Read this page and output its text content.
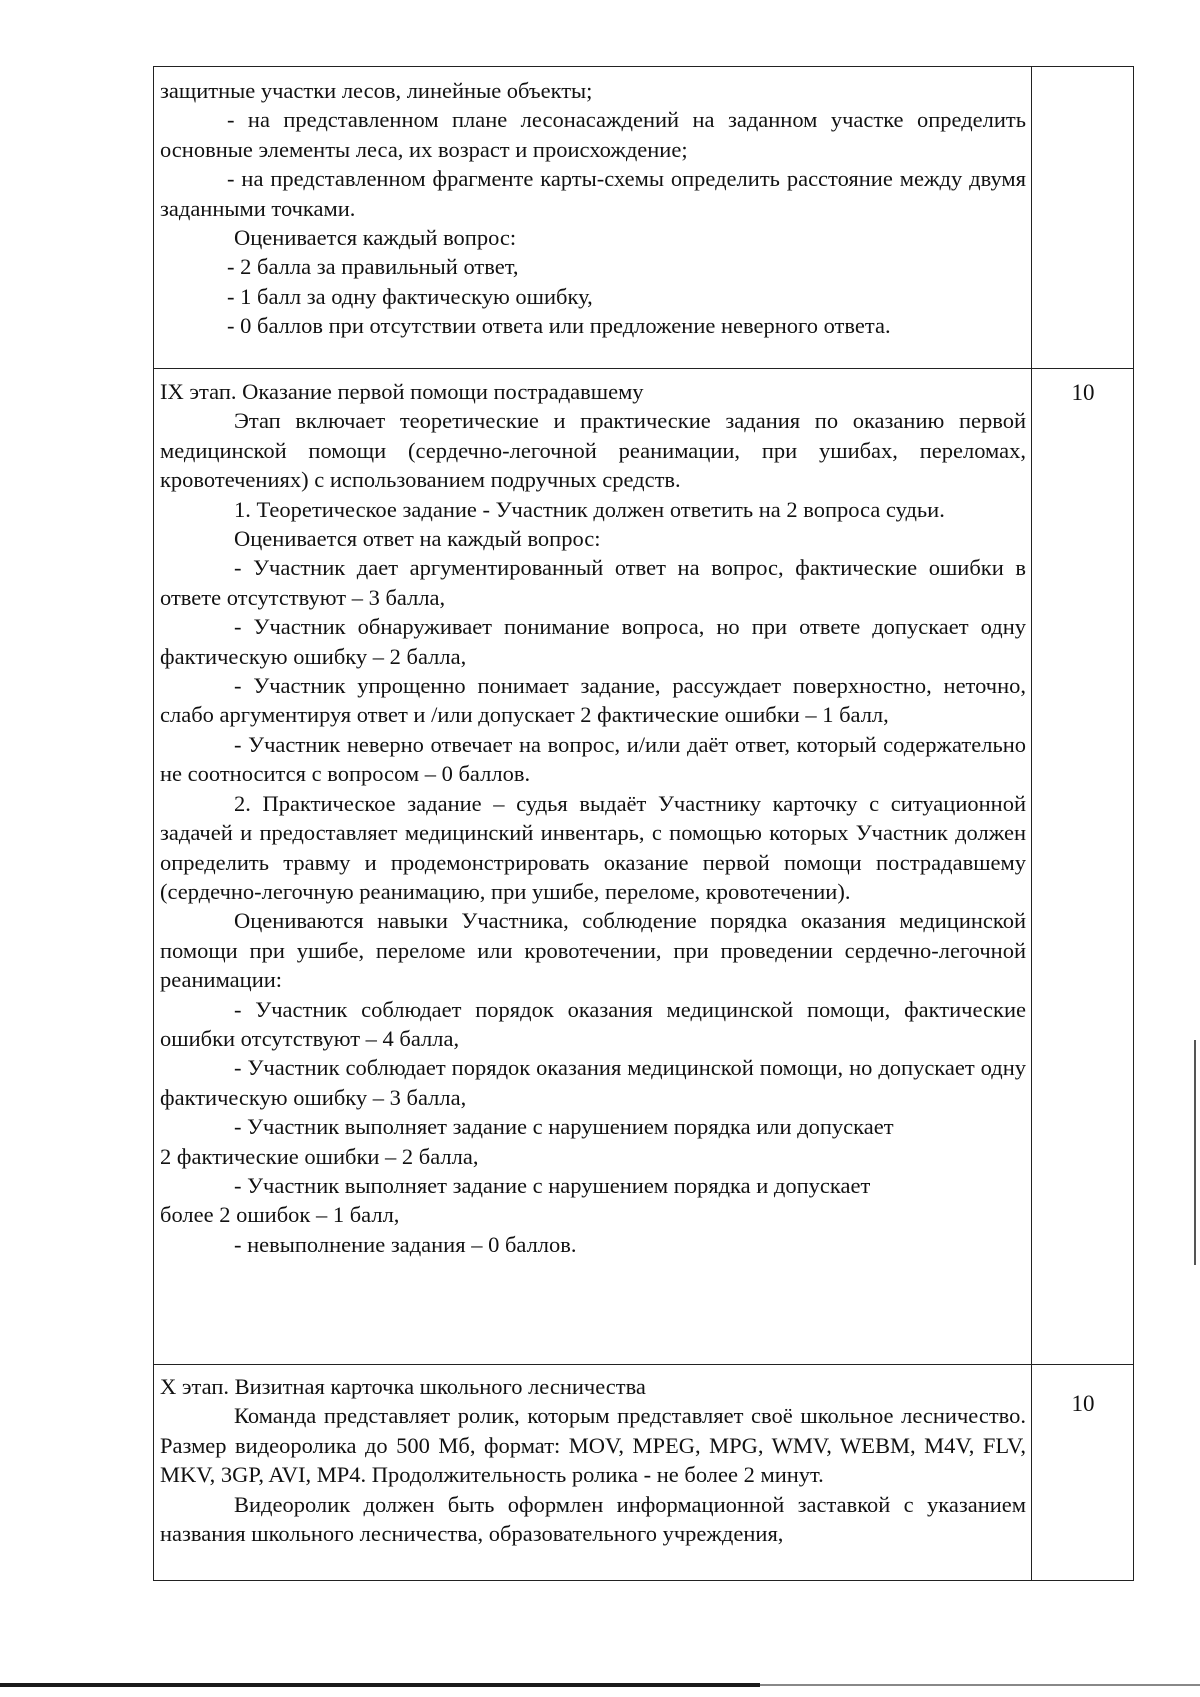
защитные участки лесов, линейные объекты;

- на представленном плане лесонасаждений на заданном участке определить основные элементы леса, их возраст и происхождение;

- на представленном фрагменте карты-схемы определить расстояние между двумя заданными точками.

Оценивается каждый вопрос:

- 2 балла за правильный ответ,

- 1 балл за одну фактическую ошибку,

- 0 баллов при отсутствии ответа или предложение неверного ответа.

IX этап. Оказание первой помощи пострадавшему

Этап включает теоретические и практические задания по оказанию первой медицинской помощи (сердечно-легочной реанимации, при ушибах, переломах, кровотечениях) с использованием подручных средств.

1. Теоретическое задание - Участник должен ответить на 2 вопроса судьи.

Оценивается ответ на каждый вопрос:

- Участник дает аргументированный ответ на вопрос, фактические ошибки в ответе отсутствуют – 3 балла,

- Участник обнаруживает понимание вопроса, но при ответе допускает одну фактическую ошибку – 2 балла,

- Участник упрощенно понимает задание, рассуждает поверхностно, неточно, слабо аргументируя ответ и /или допускает 2 фактические ошибки – 1 балл,

- Участник неверно отвечает на вопрос, и/или даёт ответ, который содержательно не соотносится с вопросом – 0 баллов.

2. Практическое задание – судья выдаёт Участнику карточку с ситуационной задачей и предоставляет медицинский инвентарь, с помощью которых Участник должен определить травму и продемонстрировать оказание первой помощи пострадавшему (сердечно-легочную реанимацию, при ушибе, переломе, кровотечении).

Оцениваются навыки Участника, соблюдение порядка оказания медицинской помощи при ушибе, переломе или кровотечении, при проведении сердечно-легочной реанимации:

- Участник соблюдает порядок оказания медицинской помощи, фактические ошибки отсутствуют – 4 балла,

- Участник соблюдает порядок оказания медицинской помощи, но допускает одну фактическую ошибку – 3 балла,

- Участник выполняет задание с нарушением порядка или допускает

2 фактические ошибки – 2 балла,

- Участник выполняет задание с нарушением порядка и допускает

более 2 ошибок – 1 балл,

- невыполнение задания – 0 баллов.

10

X этап. Визитная карточка школьного лесничества

Команда представляет ролик, которым представляет своё школьное лесничество. Размер видеоролика до 500 Мб, формат: MOV, MPEG, MPG, WMV, WEBM, M4V, FLV, MKV, 3GP, AVI, MP4. Продолжительность ролика - не более 2 минут.

Видеоролик должен быть оформлен информационной заставкой с указанием названия школьного лесничества, образовательного учреждения,

10
